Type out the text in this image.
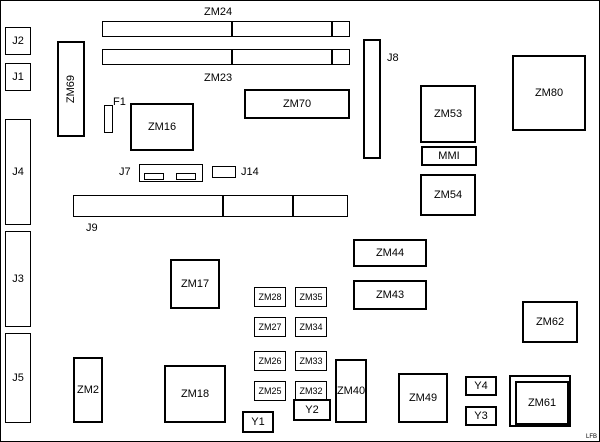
ZM24
ZM23
J9
J7	J14
J2
J1
J4
J3
J5
ZM69	F1
ZM16
ZM70
J8
ZM53
ZM80
MMI
ZM54
ZM17
ZM44
ZM43
ZM62
ZM28 ZM35
ZM27 ZM34
ZM26 ZM33
ZM25 ZM32
ZM2	ZM18	ZM40
ZM49
Y4
Y3
ZM61
Y1
Y2
LFB
